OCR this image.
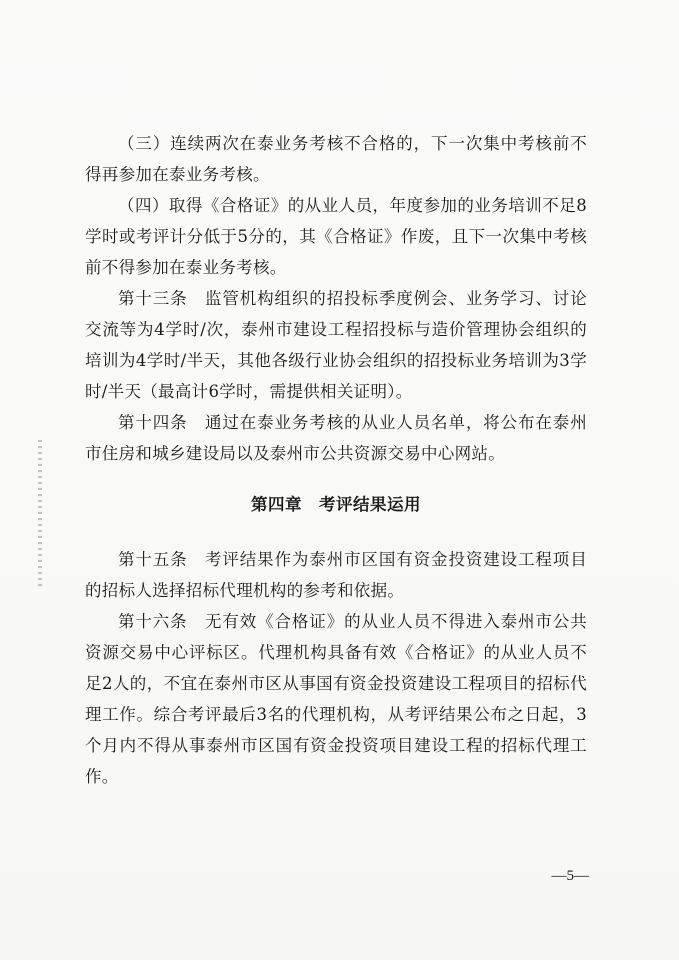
（三）连续两次在泰业务考核不合格的，下一次集中考核前不得再参加在泰业务考核。

（四）取得《合格证》的从业人员，年度参加的业务培训不足8学时或考评计分低于5分的，其《合格证》作废，且下一次集中考核前不得参加在泰业务考核。

第十三条　监管机构组织的招投标季度例会、业务学习、讨论交流等为4学时/次，泰州市建设工程招投标与造价管理协会组织的培训为4学时/半天，其他各级行业协会组织的招投标业务培训为3学时/半天（最高计6学时，需提供相关证明）。

第十四条　通过在泰业务考核的从业人员名单，将公布在泰州市住房和城乡建设局以及泰州市公共资源交易中心网站。

第四章　考评结果运用

第十五条　考评结果作为泰州市区国有资金投资建设工程项目的招标人选择招标代理机构的参考和依据。

第十六条　无有效《合格证》的从业人员不得进入泰州市公共资源交易中心评标区。代理机构具备有效《合格证》的从业人员不足2人的，不宜在泰州市区从事国有资金投资建设工程项目的招标代理工作。综合考评最后3名的代理机构，从考评结果公布之日起，3个月内不得从事泰州市区国有资金投资项目建设工程的招标代理工作。

—5—
